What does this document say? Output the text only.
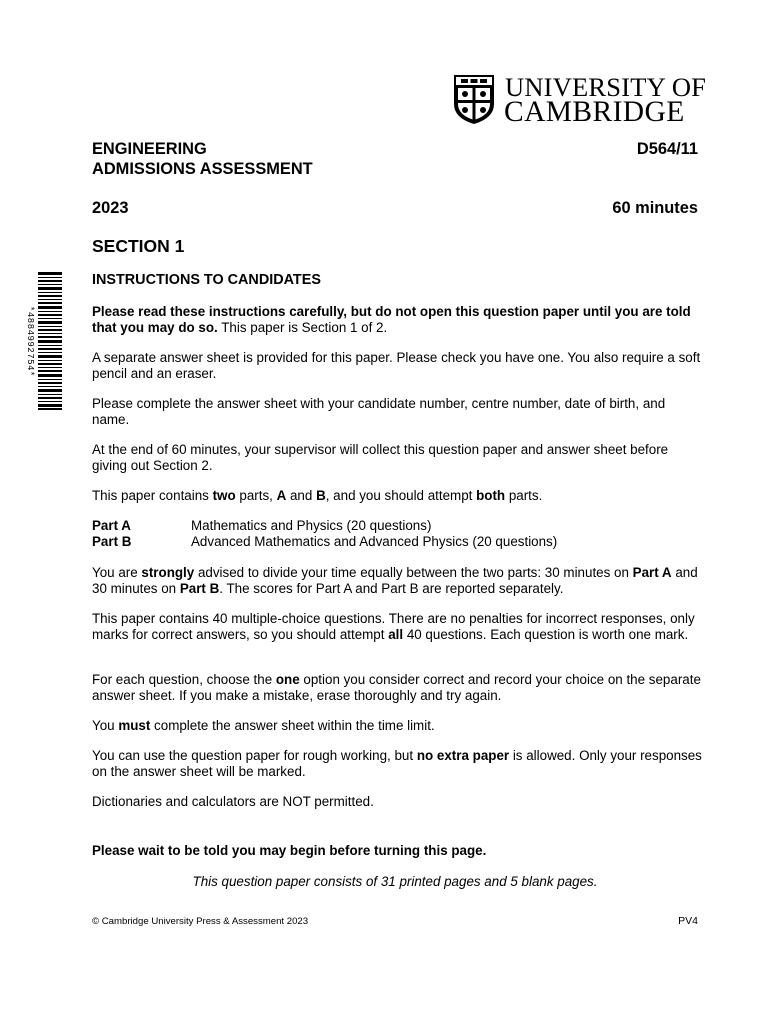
UNIVERSITY OF
CAMBRIDGE
ENGINEERING
ADMISSIONS ASSESSMENT
D564/11
2023	60 minutes
SECTION 1
INSTRUCTIONS TO CANDIDATES
*4884992754*	Please read these instructions carefully, but do not open this question paper until you are told that you may do so. This paper is Section 1 of 2.
A separate answer sheet is provided for this paper. Please check you have one. You also require a soft pencil and an eraser.
Please complete the answer sheet with your candidate number, centre number, date of birth, and name.
At the end of 60 minutes, your supervisor will collect this question paper and answer sheet before giving out Section 2.
This paper contains two parts, A and B, and you should attempt both parts.
Part A	Mathematics and Physics (20 questions)
Part B	Advanced Mathematics and Advanced Physics (20 questions)
You are strongly advised to divide your time equally between the two parts: 30 minutes on Part A and 30 minutes on Part B. The scores for Part A and Part B are reported separately.
This paper contains 40 multiple-choice questions. There are no penalties for incorrect responses, only marks for correct answers, so you should attempt all 40 questions. Each question is worth one mark.
For each question, choose the one option you consider correct and record your choice on the separate answer sheet. If you make a mistake, erase thoroughly and try again.
You must complete the answer sheet within the time limit.
You can use the question paper for rough working, but no extra paper is allowed. Only your responses on the answer sheet will be marked.
Dictionaries and calculators are NOT permitted.
Please wait to be told you may begin before turning this page.
This question paper consists of 31 printed pages and 5 blank pages.
© Cambridge University Press & Assessment 2023	PV4
